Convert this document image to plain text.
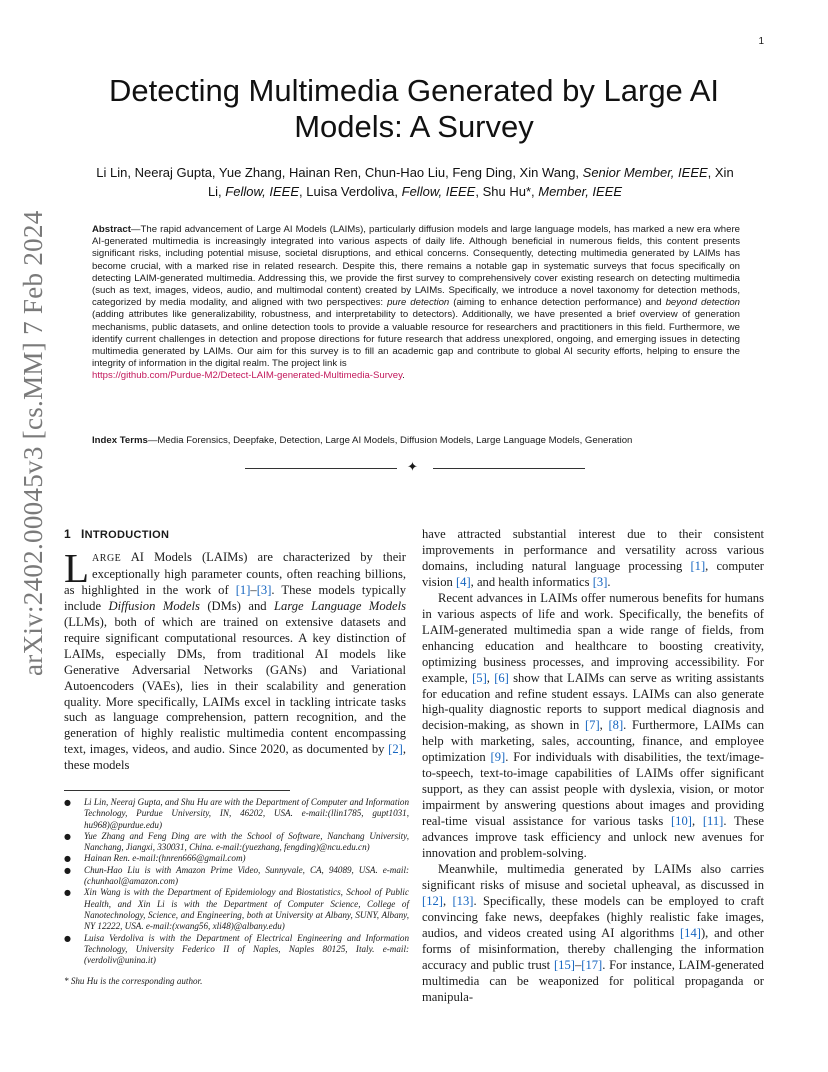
1
arXiv:2402.00045v3 [cs.MM] 7 Feb 2024
Detecting Multimedia Generated by Large AI Models: A Survey
Li Lin, Neeraj Gupta, Yue Zhang, Hainan Ren, Chun-Hao Liu, Feng Ding, Xin Wang, Senior Member, IEEE, Xin Li, Fellow, IEEE, Luisa Verdoliva, Fellow, IEEE, Shu Hu*, Member, IEEE
Abstract—The rapid advancement of Large AI Models (LAIMs), particularly diffusion models and large language models, has marked a new era where AI-generated multimedia is increasingly integrated into various aspects of daily life. Although beneficial in numerous fields, this content presents significant risks, including potential misuse, societal disruptions, and ethical concerns. Consequently, detecting multimedia generated by LAIMs has become crucial, with a marked rise in related research. Despite this, there remains a notable gap in systematic surveys that focus specifically on detecting LAIM-generated multimedia. Addressing this, we provide the first survey to comprehensively cover existing research on detecting multimedia (such as text, images, videos, audio, and multimodal content) created by LAIMs. Specifically, we introduce a novel taxonomy for detection methods, categorized by media modality, and aligned with two perspectives: pure detection (aiming to enhance detection performance) and beyond detection (adding attributes like generalizability, robustness, and interpretability to detectors). Additionally, we have presented a brief overview of generation mechanisms, public datasets, and online detection tools to provide a valuable resource for researchers and practitioners in this field. Furthermore, we identify current challenges in detection and propose directions for future research that address unexplored, ongoing, and emerging issues in detecting multimedia generated by LAIMs. Our aim for this survey is to fill an academic gap and contribute to global AI security efforts, helping to ensure the integrity of information in the digital realm. The project link is
https://github.com/Purdue-M2/Detect-LAIM-generated-Multimedia-Survey.
Index Terms—Media Forensics, Deepfake, Detection, Large AI Models, Diffusion Models, Large Language Models, Generation
✦
1 INTRODUCTION

LARGE AI Models (LAIMs) are characterized by their exceptionally high parameter counts, often reaching billions, as highlighted in the work of [1]–[3]. These models typically include Diffusion Models (DMs) and Large Language Models (LLMs), both of which are trained on extensive datasets and require significant computational resources. A key distinction of LAIMs, especially DMs, from traditional AI models like Generative Adversarial Networks (GANs) and Variational Autoencoders (VAEs), lies in their scalability and generation quality. More specifically, LAIMs excel in tackling intricate tasks such as language comprehension, pattern recognition, and the generation of highly realistic multimedia content encompassing text, images, videos, and audio. Since 2020, as documented by [2], these models

● Li Lin, Neeraj Gupta, and Shu Hu are with the Department of Computer and Information Technology, Purdue University, IN, 46202, USA. e-mail:(llin1785, gupt1031, hu968)@purdue.edu)
● Yue Zhang and Feng Ding are with the School of Software, Nanchang University, Nanchang, Jiangxi, 330031, China. e-mail:(yuezhang, fengding)@ncu.edu.cn)
● Hainan Ren. e-mail:(hnren666@gmail.com)
● Chun-Hao Liu is with Amazon Prime Video, Sunnyvale, CA, 94089, USA. e-mail:(chunhaol@amazon.com)
● Xin Wang is with the Department of Epidemiology and Biostatistics, School of Public Health, and Xin Li is with the Department of Computer Science, College of Nanotechnology, Science, and Engineering, both at University at Albany, SUNY, Albany, NY 12222, USA. e-mail:(xwang56, xli48)@albany.edu)
● Luisa Verdoliva is with the Department of Electrical Engineering and Information Technology, University Federico II of Naples, Naples 80125, Italy. e-mail:(verdoliv@unina.it)
* Shu Hu is the corresponding author.

have attracted substantial interest due to their consistent improvements in performance and versatility across various domains, including natural language processing [1], computer vision [4], and health informatics [3].

Recent advances in LAIMs offer numerous benefits for humans in various aspects of life and work. Specifically, the benefits of LAIM-generated multimedia span a wide range of fields, from enhancing education and healthcare to boosting creativity, optimizing business processes, and improving accessibility. For example, [5], [6] show that LAIMs can serve as writing assistants for education and refine student essays. LAIMs can also generate high-quality diagnostic reports to support medical diagnosis and decision-making, as shown in [7], [8]. Furthermore, LAIMs can help with marketing, sales, accounting, finance, and employee optimization [9]. For individuals with disabilities, the text/image-to-speech, text-to-image capabilities of LAIMs offer significant support, as they can assist people with dyslexia, vision, or motor impairment by answering questions about images and providing real-time visual assistance for various tasks [10], [11]. These advances improve task efficiency and unlock new avenues for innovation and problem-solving.

Meanwhile, multimedia generated by LAIMs also carries significant risks of misuse and societal upheaval, as discussed in [12], [13]. Specifically, these models can be employed to craft convincing fake news, deepfakes (highly realistic fake images, audios, and videos created using AI algorithms [14]), and other forms of misinformation, thereby challenging the information accuracy and public trust [15]–[17]. For instance, LAIM-generated multimedia can be weaponized for political propaganda or manipula-
